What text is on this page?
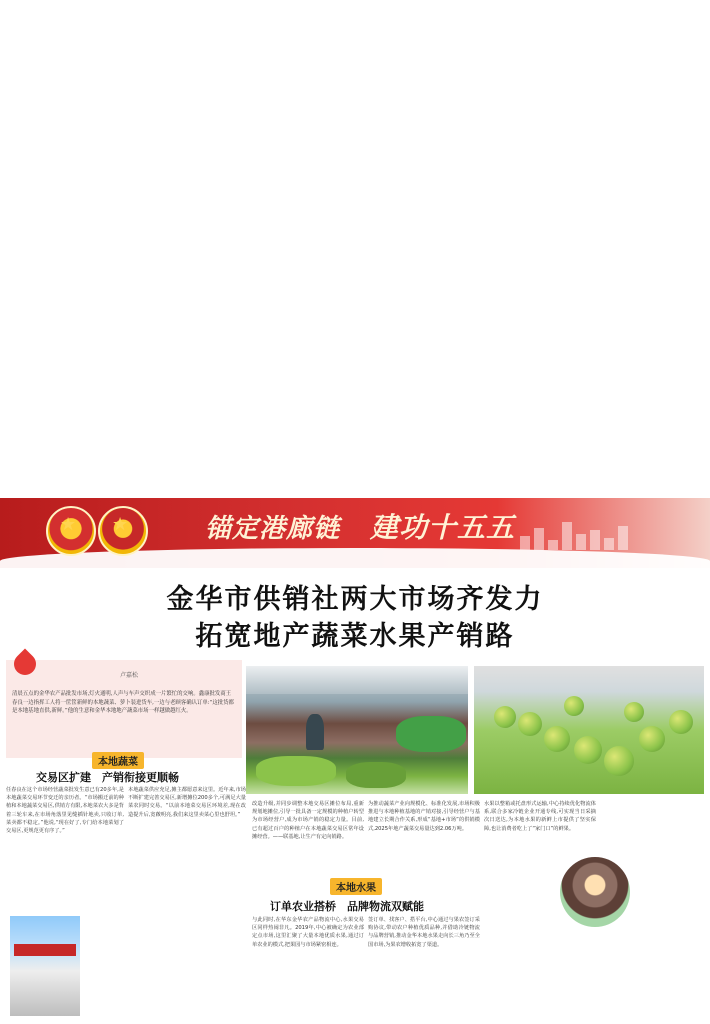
★ ★	锚定港廊链 建功十五五
金华市供销社两大市场齐发力
拓宽地产蔬菜水果产销路
卢嘉松
清晨五点的金华农产品批发市场,灯火通明,人声与车声交织成一片繁忙的交响。鑫康批发商王春良一边指挥工人将一筐筐新鲜的本地蔬菜、萝卜装进货车,一边与老顾客确认订单:“这批货都是本地基地直供,新鲜。”他的生意和金华本地地产蔬菜市场一样越做越红火。
本地蔬菜
交易区扩建　产销衔接更顺畅
任春良在这个市场经营蔬菜批发生意已有20多年,是本地蔬菜交易环节变迁的亲历者。“市场搬迁前的种植和本地蔬菜交易区,供销方有限,本地菜农大多是背着三轮车来,在市场角落里见缝插针地卖,只收订单,菜卖都不稳定。”他说,“现在好了,专门给本地菜划了交易区,更规范更有序了。”
本地蔬菜供应充足,摊主都愿意来这里。近年来,市场不断扩建完善交易区,新增摊位200多个,可满足大量菜农同时交易。“以前本地菜交易区环境差,现在改造提升后,宽敞明亮,我们来这里卖菜心里也舒坦。”
改造升级,并同步调整本地交易区摊位布局,重新规划地摊位,引导一批具备一定规模的种植户转型为市场经营户,成为市场产销的稳定力量。目前,已有超过百户的种植户在本地蔬菜交易区常年设摊经营。——联基地,让生产有定向销路。
为推动蔬菜产业向规模化、标准化发展,市场积极推进与本地种植基地的产销对接,引导经营户与基地建立长期合作关系,形成“基地+市场”的供销模式,2025年地产蔬菜交易量达到2.06万吨。
本地水果
订单农业搭桥　品牌物流双赋能
与此同时,在华东金华农产品物流中心,水果交易区同样热闹非凡。2019年,中心被确定为农业部定点市场,这里汇聚了大量本地优质水果,通过订单农业的模式,把果园与市场紧密相连。
签订单、找客户、搭平台,中心通过与果农签订采购协议,带动农户种植优质品种,并借助冷链物流与品牌营销,推动金华本地水果走向长三角乃至全国市场,为果农增收拓宽了渠道。
水果以整箱或托盘形式运输,中心持续优化物流体系,联合多家冷链企业开通专线,可实现当日采摘次日送达,为本地水果的新鲜上市提供了坚实保障,也让消费者吃上了“家门口”的鲜果。
